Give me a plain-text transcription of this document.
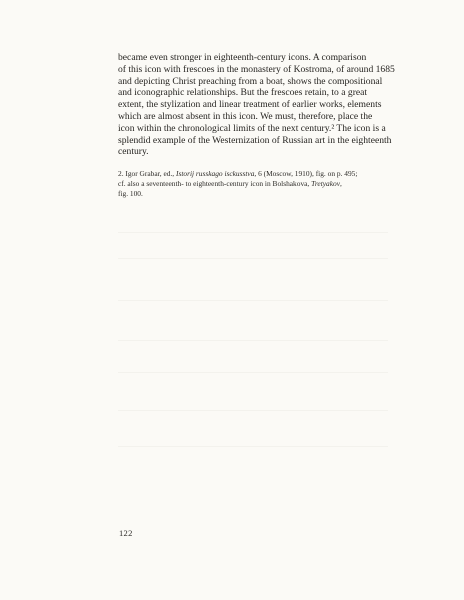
became even stronger in eighteenth-century icons. A comparison
of this icon with frescoes in the monastery of Kostroma, of around 1685
and depicting Christ preaching from a boat, shows the compositional
and iconographic relationships. But the frescoes retain, to a great
extent, the stylization and linear treatment of earlier works, elements
which are almost absent in this icon. We must, therefore, place the
icon within the chronological limits of the next century.² The icon is a
splendid example of the Westernization of Russian art in the eighteenth
century.
2. Igor Grabar, ed., Istorij russkago isckusstva, 6 (Moscow, 1910), fig. on p. 495;
cf. also a seventeenth- to eighteenth-century icon in Bolshakova, Tretyakov,
fig. 100.
122
